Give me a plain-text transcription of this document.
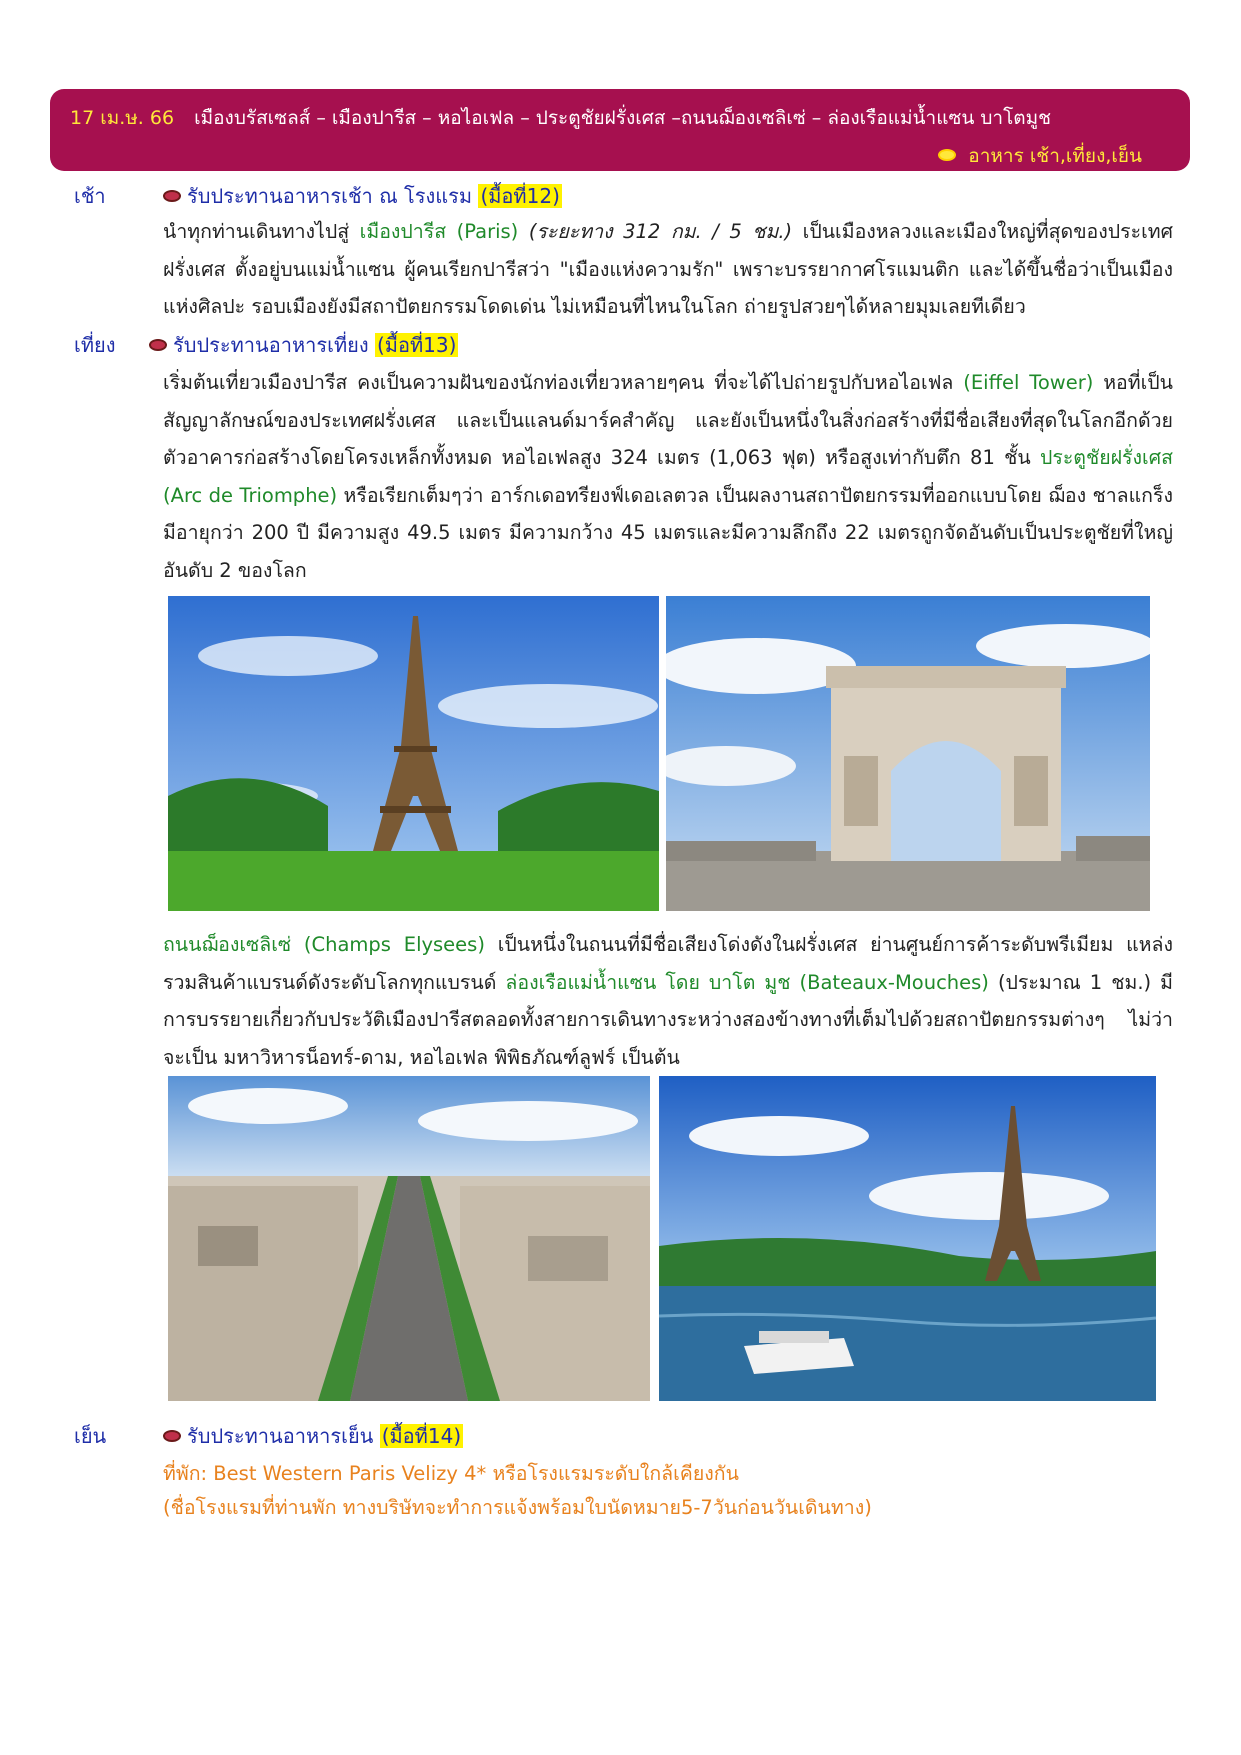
17 เม.ษ. 66 เมืองบรัสเซลส์ – เมืองปารีส – หอไอเฟล – ประตูชัยฝรั่งเศส –ถนนฌ็องเซลิเซ่ – ล่องเรือแม่น้ำแซน บาโตมูช
อาหาร เช้า,เที่ยง,เย็น
เช้า	รับประทานอาหารเช้า ณ โรงแรม (มื้อที่12)
นำทุกท่านเดินทางไปสู่ เมืองปารีส (Paris) (ระยะทาง 312 กม. / 5 ชม.) เป็นเมืองหลวงและเมืองใหญ่ที่สุดของประเทศฝรั่งเศส ตั้งอยู่บนแม่น้ำแซน ผู้คนเรียกปารีสว่า "เมืองแห่งความรัก" เพราะบรรยากาศโรแมนติก และได้ขึ้นชื่อว่าเป็นเมืองแห่งศิลปะ รอบเมืองยังมีสถาปัตยกรรมโดดเด่น ไม่เหมือนที่ไหนในโลก ถ่ายรูปสวยๆได้หลายมุมเลยทีเดียว
เที่ยง	รับประทานอาหารเที่ยง (มื้อที่13)
เริ่มต้นเที่ยวเมืองปารีส คงเป็นความฝันของนักท่องเที่ยวหลายๆคน ที่จะได้ไปถ่ายรูปกับหอไอเฟล (Eiffel Tower) หอที่เป็นสัญญาลักษณ์ของประเทศฝรั่งเศส และเป็นแลนด์มาร์คสำคัญ และยังเป็นหนึ่งในสิ่งก่อสร้างที่มีชื่อเสียงที่สุดในโลกอีกด้วย ตัวอาคารก่อสร้างโดยโครงเหล็กทั้งหมด หอไอเฟลสูง 324 เมตร (1,063 ฟุต) หรือสูงเท่ากับตึก 81 ชั้น ประตูชัยฝรั่งเศส (Arc de Triomphe) หรือเรียกเต็มๆว่า อาร์กเดอทรียงฟ์เดอเลตวล เป็นผลงานสถาปัตยกรรมที่ออกแบบโดย ฌ็อง ชาลแกร็ง มีอายุกว่า 200 ปี มีความสูง 49.5 เมตร มีความกว้าง 45 เมตรและมีความลึกถึง 22 เมตรถูกจัดอันดับเป็นประตูชัยที่ใหญ่อันดับ 2 ของโลก
ถนนฌ็องเซลิเซ่ (Champs Elysees) เป็นหนึ่งในถนนที่มีชื่อเสียงโด่งดังในฝรั่งเศส ย่านศูนย์การค้าระดับพรีเมียม แหล่งรวมสินค้าแบรนด์ดังระดับโลกทุกแบรนด์ ล่องเรือแม่น้ำแซน โดย บาโต มูช (Bateaux-Mouches) (ประมาณ 1 ชม.) มีการบรรยายเกี่ยวกับประวัติเมืองปารีสตลอดทั้งสายการเดินทางระหว่างสองข้างทางที่เต็มไปด้วยสถาปัตยกรรมต่างๆ ไม่ว่าจะเป็น มหาวิหารน็อทร์-ดาม, หอไอเฟล พิพิธภัณฑ์ลูฟร์ เป็นต้น
เย็น	รับประทานอาหารเย็น (มื้อที่14)
ที่พัก: Best Western Paris Velizy 4* หรือโรงแรมระดับใกล้เคียงกัน
(ชื่อโรงแรมที่ท่านพัก ทางบริษัทจะทำการแจ้งพร้อมใบนัดหมาย5-7วันก่อนวันเดินทาง)
